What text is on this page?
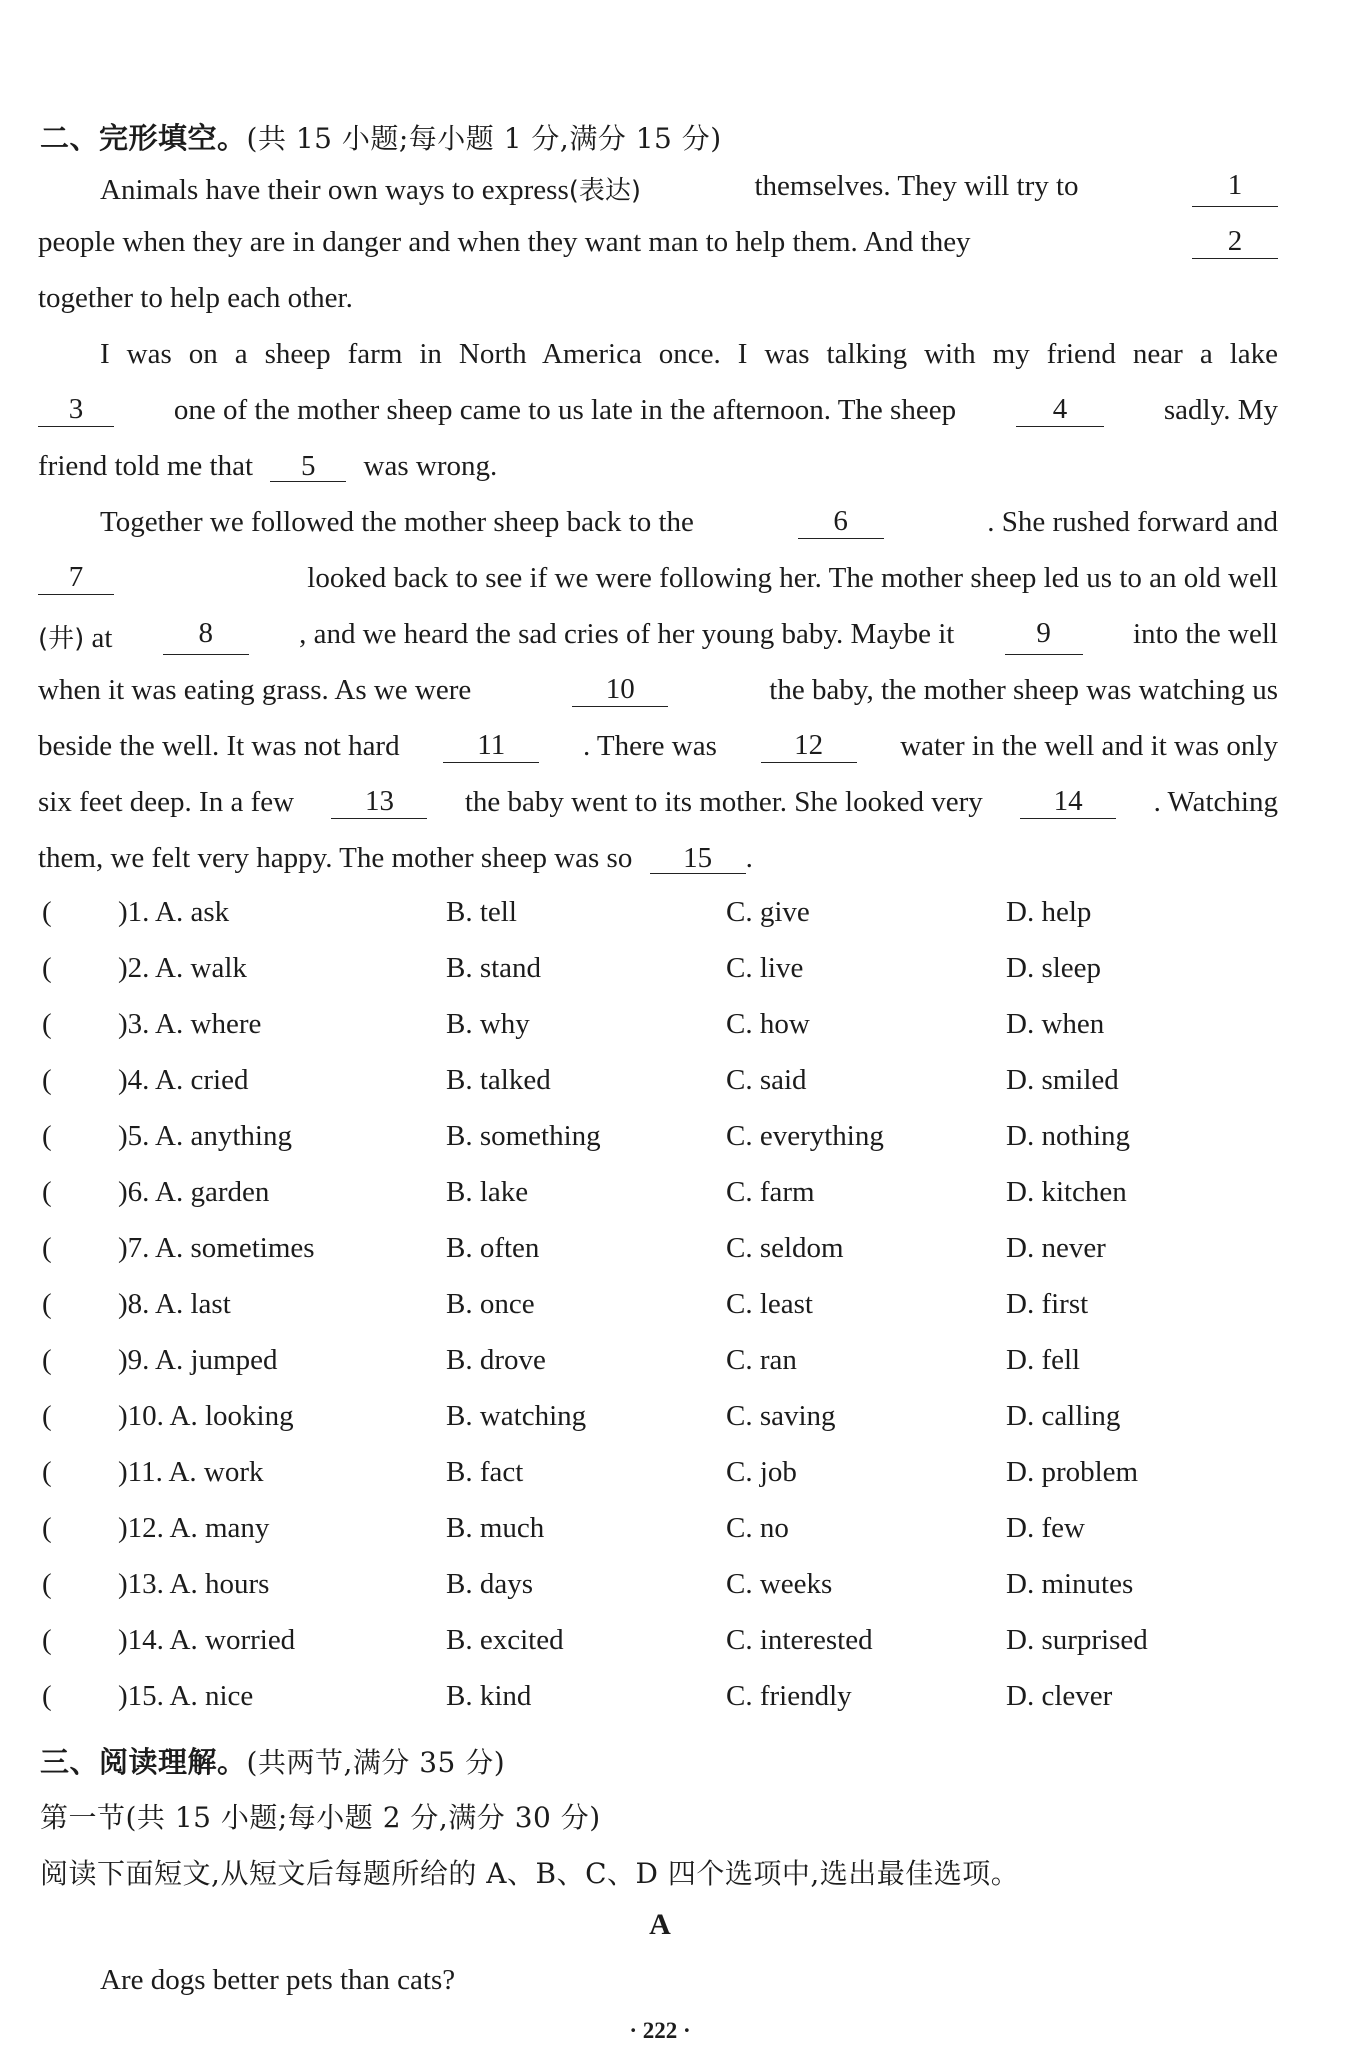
二、完形填空。(共 15 小题;每小题 1 分,满分 15 分)
Animals have their own ways to express(表达)	themselves. They will try to	1
people when they are in danger and when they want man to help them. And they	2
together to help each other.
I was on a sheep farm in North America once. I was talking with my friend near a lake
3	one of the mother sheep came to us late in the afternoon. The sheep	4	sadly. My
friend told me that 5 was wrong.
Together we followed the mother sheep back to the	6	. She rushed forward and
7	looked back to see if we were following her. The mother sheep led us to an old well
(井) at	8	, and we heard the sad cries of her young baby. Maybe it	9	into the well
when it was eating grass. As we were	10	the baby, the mother sheep was watching us
beside the well. It was not hard	11	. There was	12	water in the well and it was only
six feet deep. In a few	13	the baby went to its mother. She looked very	14	. Watching
them, we felt very happy. The mother sheep was so 15 .
( )1. A. ask	B. tell	C. give	D. help
( )2. A. walk	B. stand	C. live	D. sleep
( )3. A. where	B. why	C. how	D. when
( )4. A. cried	B. talked	C. said	D. smiled
( )5. A. anything	B. something	C. everything	D. nothing
( )6. A. garden	B. lake	C. farm	D. kitchen
( )7. A. sometimes	B. often	C. seldom	D. never
( )8. A. last	B. once	C. least	D. first
( )9. A. jumped	B. drove	C. ran	D. fell
( )10. A. looking	B. watching	C. saving	D. calling
( )11. A. work	B. fact	C. job	D. problem
( )12. A. many	B. much	C. no	D. few
( )13. A. hours	B. days	C. weeks	D. minutes
( )14. A. worried	B. excited	C. interested	D. surprised
( )15. A. nice	B. kind	C. friendly	D. clever
三、阅读理解。(共两节,满分 35 分)
第一节(共 15 小题;每小题 2 分,满分 30 分)
阅读下面短文,从短文后每题所给的 A、B、C、D 四个选项中,选出最佳选项。
A
Are dogs better pets than cats?
· 222 ·
